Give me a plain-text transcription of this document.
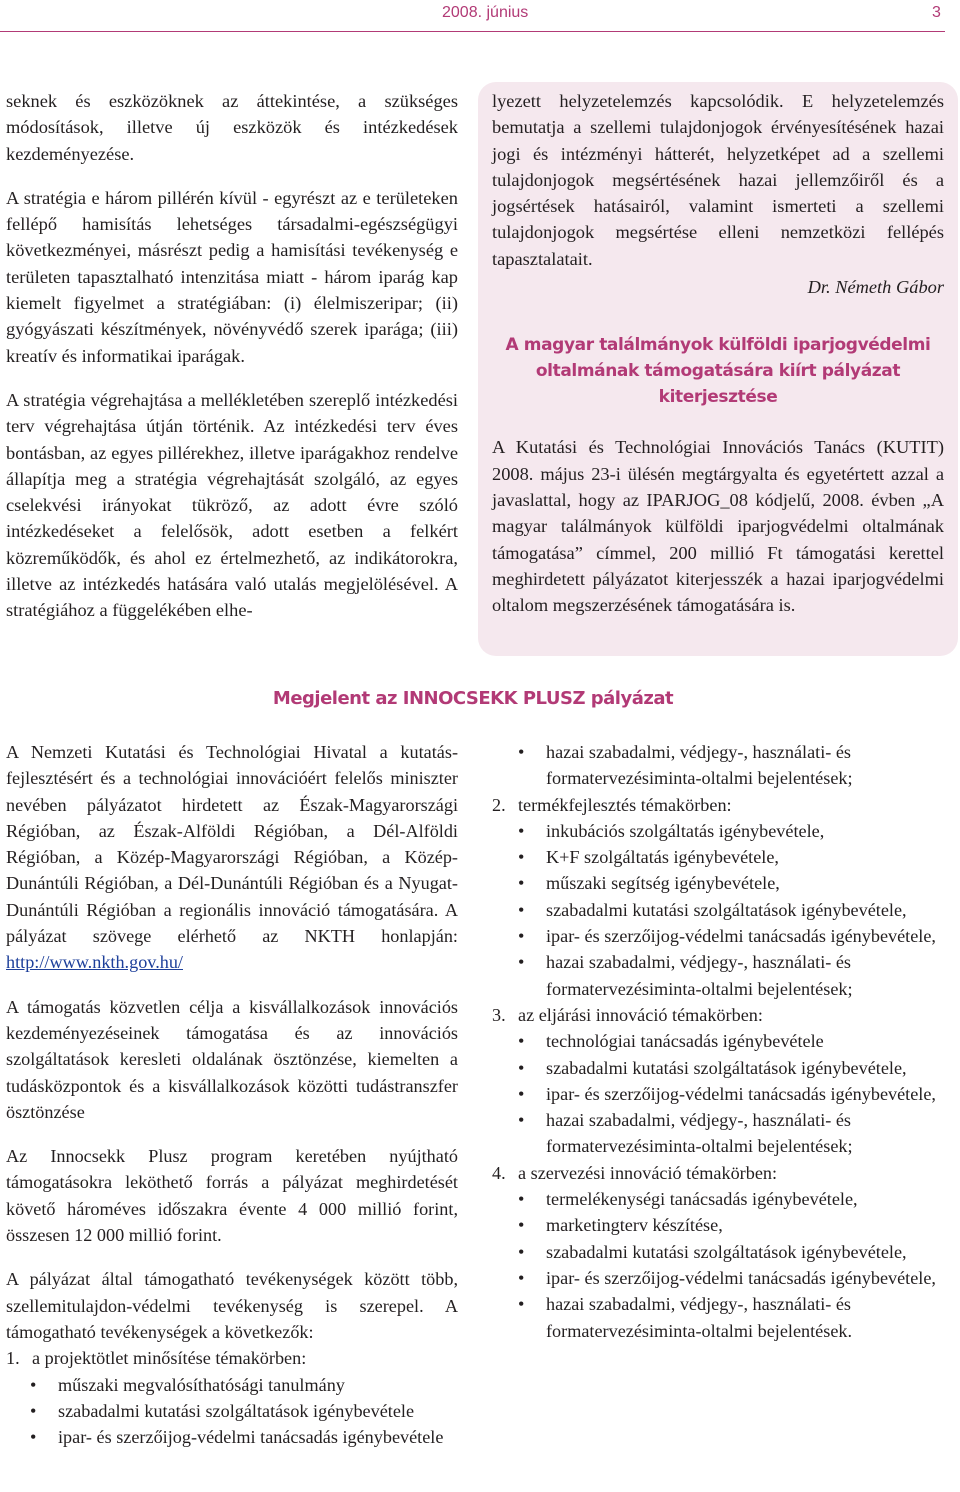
2008. június	3

seknek és eszközöknek az áttekintése, a szükséges módosítások, illetve új eszközök és intézkedések kezdeményezése.

A stratégia e három pillérén kívül - egyrészt az e területeken fellépő hamisítás lehetséges társadalmi-egészségügyi következményei, másrészt pedig a hamisítási tevékenység e területen tapasztalható intenzitása miatt - három iparág kap kiemelt figyelmet a stratégiában: (i) élelmiszeripar; (ii) gyógyászati készítmények, növényvédő szerek iparága; (iii) kreatív és informatikai iparágak.

A stratégia végrehajtása a mellékletében szereplő intézkedési terv végrehajtása útján történik. Az intézkedési terv éves bontásban, az egyes pillérekhez, illetve iparágakhoz rendelve állapítja meg a stratégia végrehajtását szolgáló, az egyes cselekvési irányokat tükröző, az adott évre szóló intézkedéseket a felelősök, adott esetben a felkért közreműködők, és ahol ez értelmezhető, az indikátorokra, illetve az intézkedés hatására való utalás megjelölésével. A stratégiához a függelékében elhe-

lyezett helyzetelemzés kapcsolódik. E helyzetelemzés bemutatja a szellemi tulajdonjogok érvényesítésének hazai jogi és intézményi hátterét, helyzetképet ad a szellemi tulajdonjogok megsértésének hazai jellemzőiről és a jogsértések hatásairól, valamint ismerteti a szellemi tulajdonjogok megsértése elleni nemzetközi fellépés tapasztalatait.

Dr. Németh Gábor

A magyar találmányok külföldi iparjogvédelmi oltalmának támogatására kiírt pályázat kiterjesztése

A Kutatási és Technológiai Innovációs Tanács (KUTIT) 2008. május 23-i ülésén megtárgyalta és egyetértett azzal a javaslattal, hogy az IPARJOG_08 kódjelű, 2008. évben „A magyar találmányok külföldi iparjogvédelmi oltalmának támogatása” címmel, 200 millió Ft támogatási kerettel meghirdetett pályázatot kiterjesszék a hazai iparjogvédelmi oltalom megszerzésének támogatására is.

Megjelent az INNOCSEKK PLUSZ pályázat

A Nemzeti Kutatási és Technológiai Hivatal a kutatás-fejlesztésért és a technológiai innovációért felelős miniszter nevében pályázatot hirdetett az Észak-Magyarországi Régióban, az Észak-Alföldi Régióban, a Dél-Alföldi Régióban, a Közép-Magyarországi Régióban, a Közép-Dunántúli Régióban, a Dél-Dunántúli Régióban és a Nyugat-Dunántúli Régióban a regionális innováció támogatására. A pályázat szövege elérhető az NKTH honlapján: http://www.nkth.gov.hu/

A támogatás közvetlen célja a kisvállalkozások innovációs kezdeményezéseinek támogatása és az innovációs szolgáltatások keresleti oldalának ösztönzése, kiemelten a tudásközpontok és a kisvállalkozások közötti tudástranszfer ösztönzése

Az Innocsekk Plusz program keretében nyújtható támogatásokra leköthető forrás a pályázat meghirdetését követő hároméves időszakra évente 4 000 millió forint, összesen 12 000 millió forint.

A pályázat által támogatható tevékenységek között több, szellemitulajdon-védelmi tevékenység is szerepel. A támogatható tevékenységek a következők:

1. a projektötlet minősítése témakörben:

• műszaki megvalósíthatósági tanulmány

• szabadalmi kutatási szolgáltatások igénybevétele

• ipar- és szerzőijog-védelmi tanácsadás igénybevétele

• hazai szabadalmi, védjegy-, használati- és formatervezésiminta-oltalmi bejelentések;

2. termékfejlesztés témakörben:

• inkubációs szolgáltatás igénybevétele,

• K+F szolgáltatás igénybevétele,

• műszaki segítség igénybevétele,

• szabadalmi kutatási szolgáltatások igénybevétele,

• ipar- és szerzőijog-védelmi tanácsadás igénybevétele,

• hazai szabadalmi, védjegy-, használati- és formatervezésiminta-oltalmi bejelentések;

3. az eljárási innováció témakörben:

• technológiai tanácsadás igénybevétele

• szabadalmi kutatási szolgáltatások igénybevétele,

• ipar- és szerzőijog-védelmi tanácsadás igénybevétele,

• hazai szabadalmi, védjegy-, használati- és formatervezésiminta-oltalmi bejelentések;

4. a szervezési innováció témakörben:

• termelékenységi tanácsadás igénybevétele,

• marketingterv készítése,

• szabadalmi kutatási szolgáltatások igénybevétele,

• ipar- és szerzőijog-védelmi tanácsadás igénybevétele,

• hazai szabadalmi, védjegy-, használati- és formatervezésiminta-oltalmi bejelentések.
